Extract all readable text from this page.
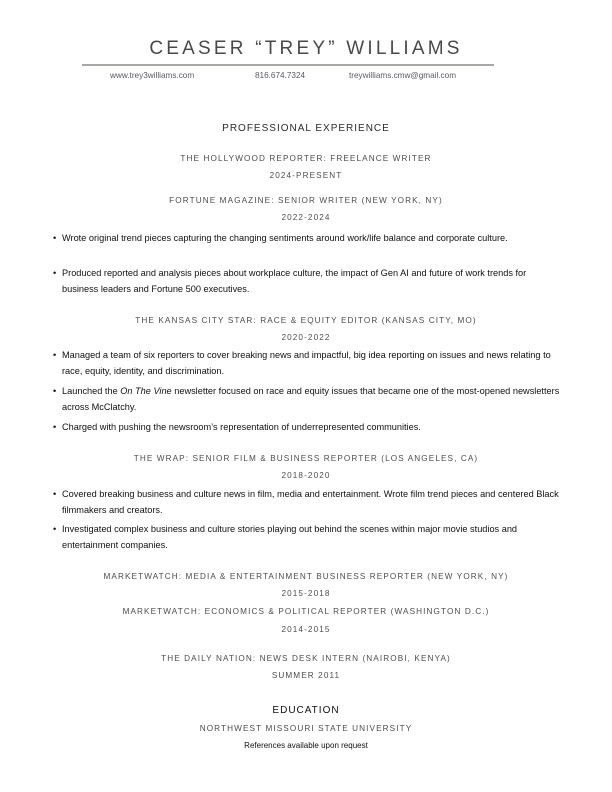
CEASER “TREY” WILLIAMS
www.trey3williams.com	816.674.7324	treywilliams.cmw@gmail.com
PROFESSIONAL EXPERIENCE
THE HOLLYWOOD REPORTER: FREELANCE WRITER
2024-PRESENT
FORTUNE MAGAZINE: SENIOR WRITER (NEW YORK, NY)
2022-2024
• Wrote original trend pieces capturing the changing sentiments around work/life balance and corporate culture.
• Produced reported and analysis pieces about workplace culture, the impact of Gen AI and future of work trends for business leaders and Fortune 500 executives.
THE KANSAS CITY STAR: RACE & EQUITY EDITOR (KANSAS CITY, MO)
2020-2022
• Managed a team of six reporters to cover breaking news and impactful, big idea reporting on issues and news relating to race, equity, identity, and discrimination.
• Launched the On The Vine newsletter focused on race and equity issues that became one of the most-opened newsletters across McClatchy.
• Charged with pushing the newsroom’s representation of underrepresented communities.
THE WRAP: SENIOR FILM & BUSINESS REPORTER (LOS ANGELES, CA)
2018-2020
• Covered breaking business and culture news in film, media and entertainment. Wrote film trend pieces and centered Black filmmakers and creators.
• Investigated complex business and culture stories playing out behind the scenes within major movie studios and entertainment companies.
MARKETWATCH: MEDIA & ENTERTAINMENT BUSINESS REPORTER (NEW YORK, NY)
2015-2018
MARKETWATCH: ECONOMICS & POLITICAL REPORTER (WASHINGTON D.C.)
2014-2015
THE DAILY NATION: NEWS DESK INTERN (NAIROBI, KENYA)
SUMMER 2011
EDUCATION
NORTHWEST MISSOURI STATE UNIVERSITY
References available upon request
